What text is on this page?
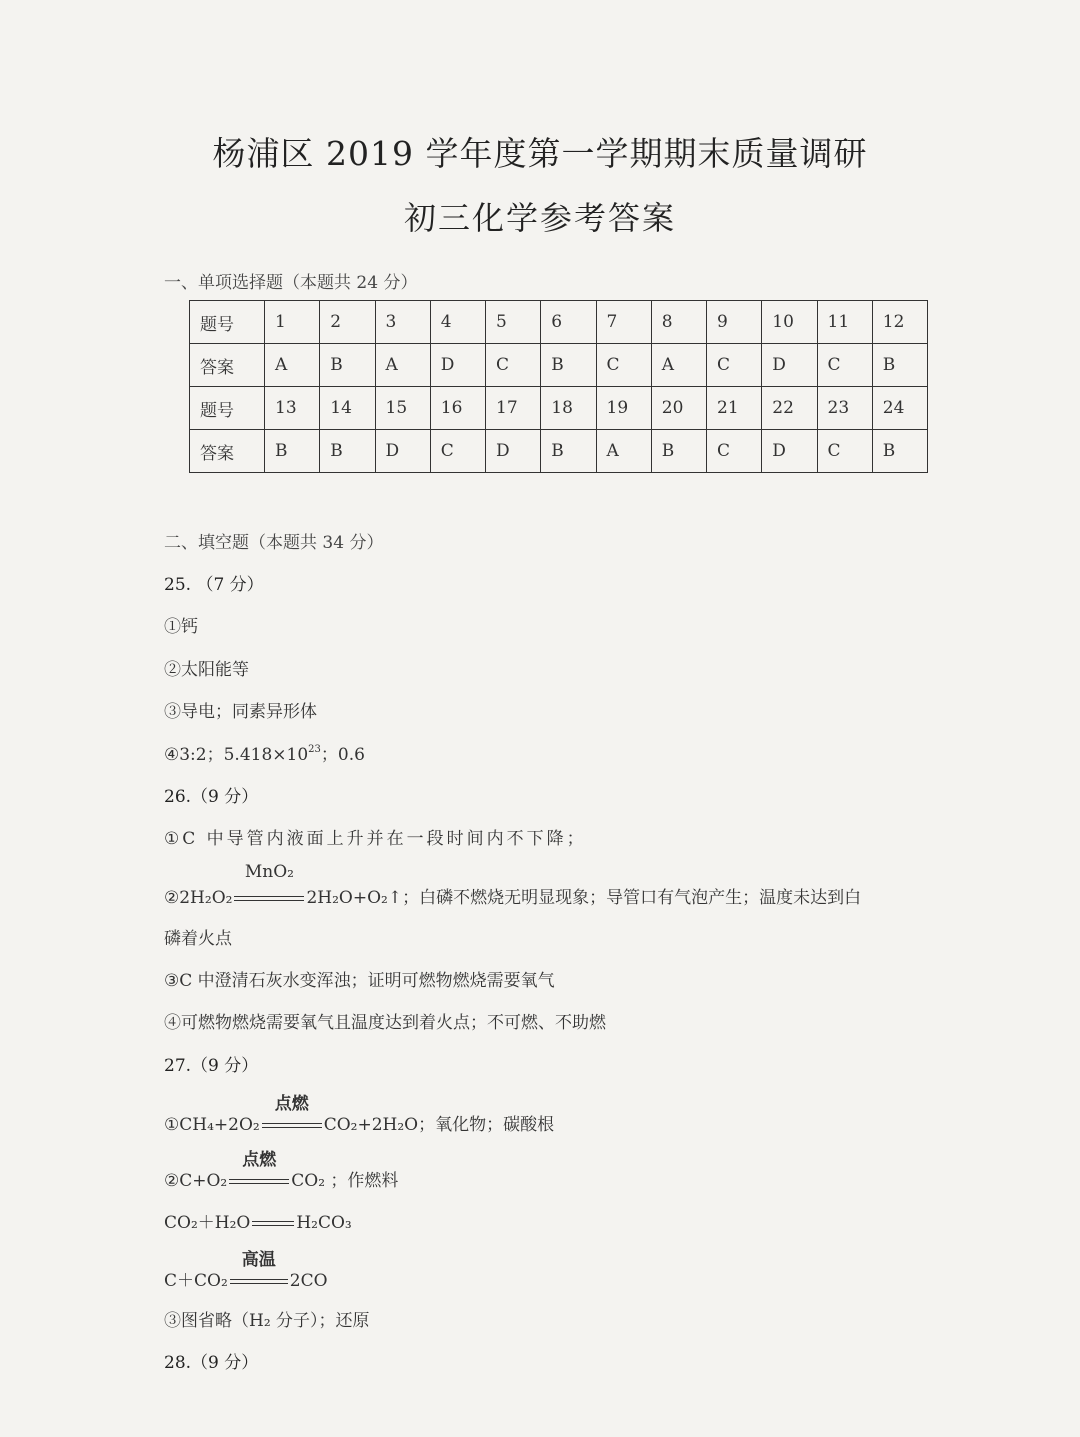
杨浦区 2019 学年度第一学期期末质量调研
初三化学参考答案
一、单项选择题（本题共 24 分）
题号	1	2	3	4	5	6	7	8	9	10	11	12
答案	A	B	A	D	C	B	C	A	C	D	C	B
题号	13	14	15	16	17	18	19	20	21	22	23	24
答案	B	B	D	C	D	B	A	B	C	D	C	B
二、填空题（本题共 34 分）
25. （7 分）
①钙
②太阳能等
③导电；同素异形体
④3:2；$5.418\times 10^{23}$；0.6
26.（9 分）
①C 中导管内液面上升并在一段时间内不下降；
②2H₂O₂
MnO₂
2H₂O+O₂↑；白磷不燃烧无明显现象；导管口有气泡产生；温度未达到白
磷着火点
③C 中澄清石灰水变浑浊；证明可燃物燃烧需要氧气
④可燃物燃烧需要氧气且温度达到着火点；不可燃、不助燃
27.（9 分）
①CH₄+2O₂
点燃
CO₂+2H₂O；氧化物；碳酸根
②C+O₂
点燃
CO₂ ；作燃料
CO₂＋H₂O	H₂CO₃
C＋CO₂
高温
2CO
③图省略（H₂ 分子）；还原
28.（9 分）
